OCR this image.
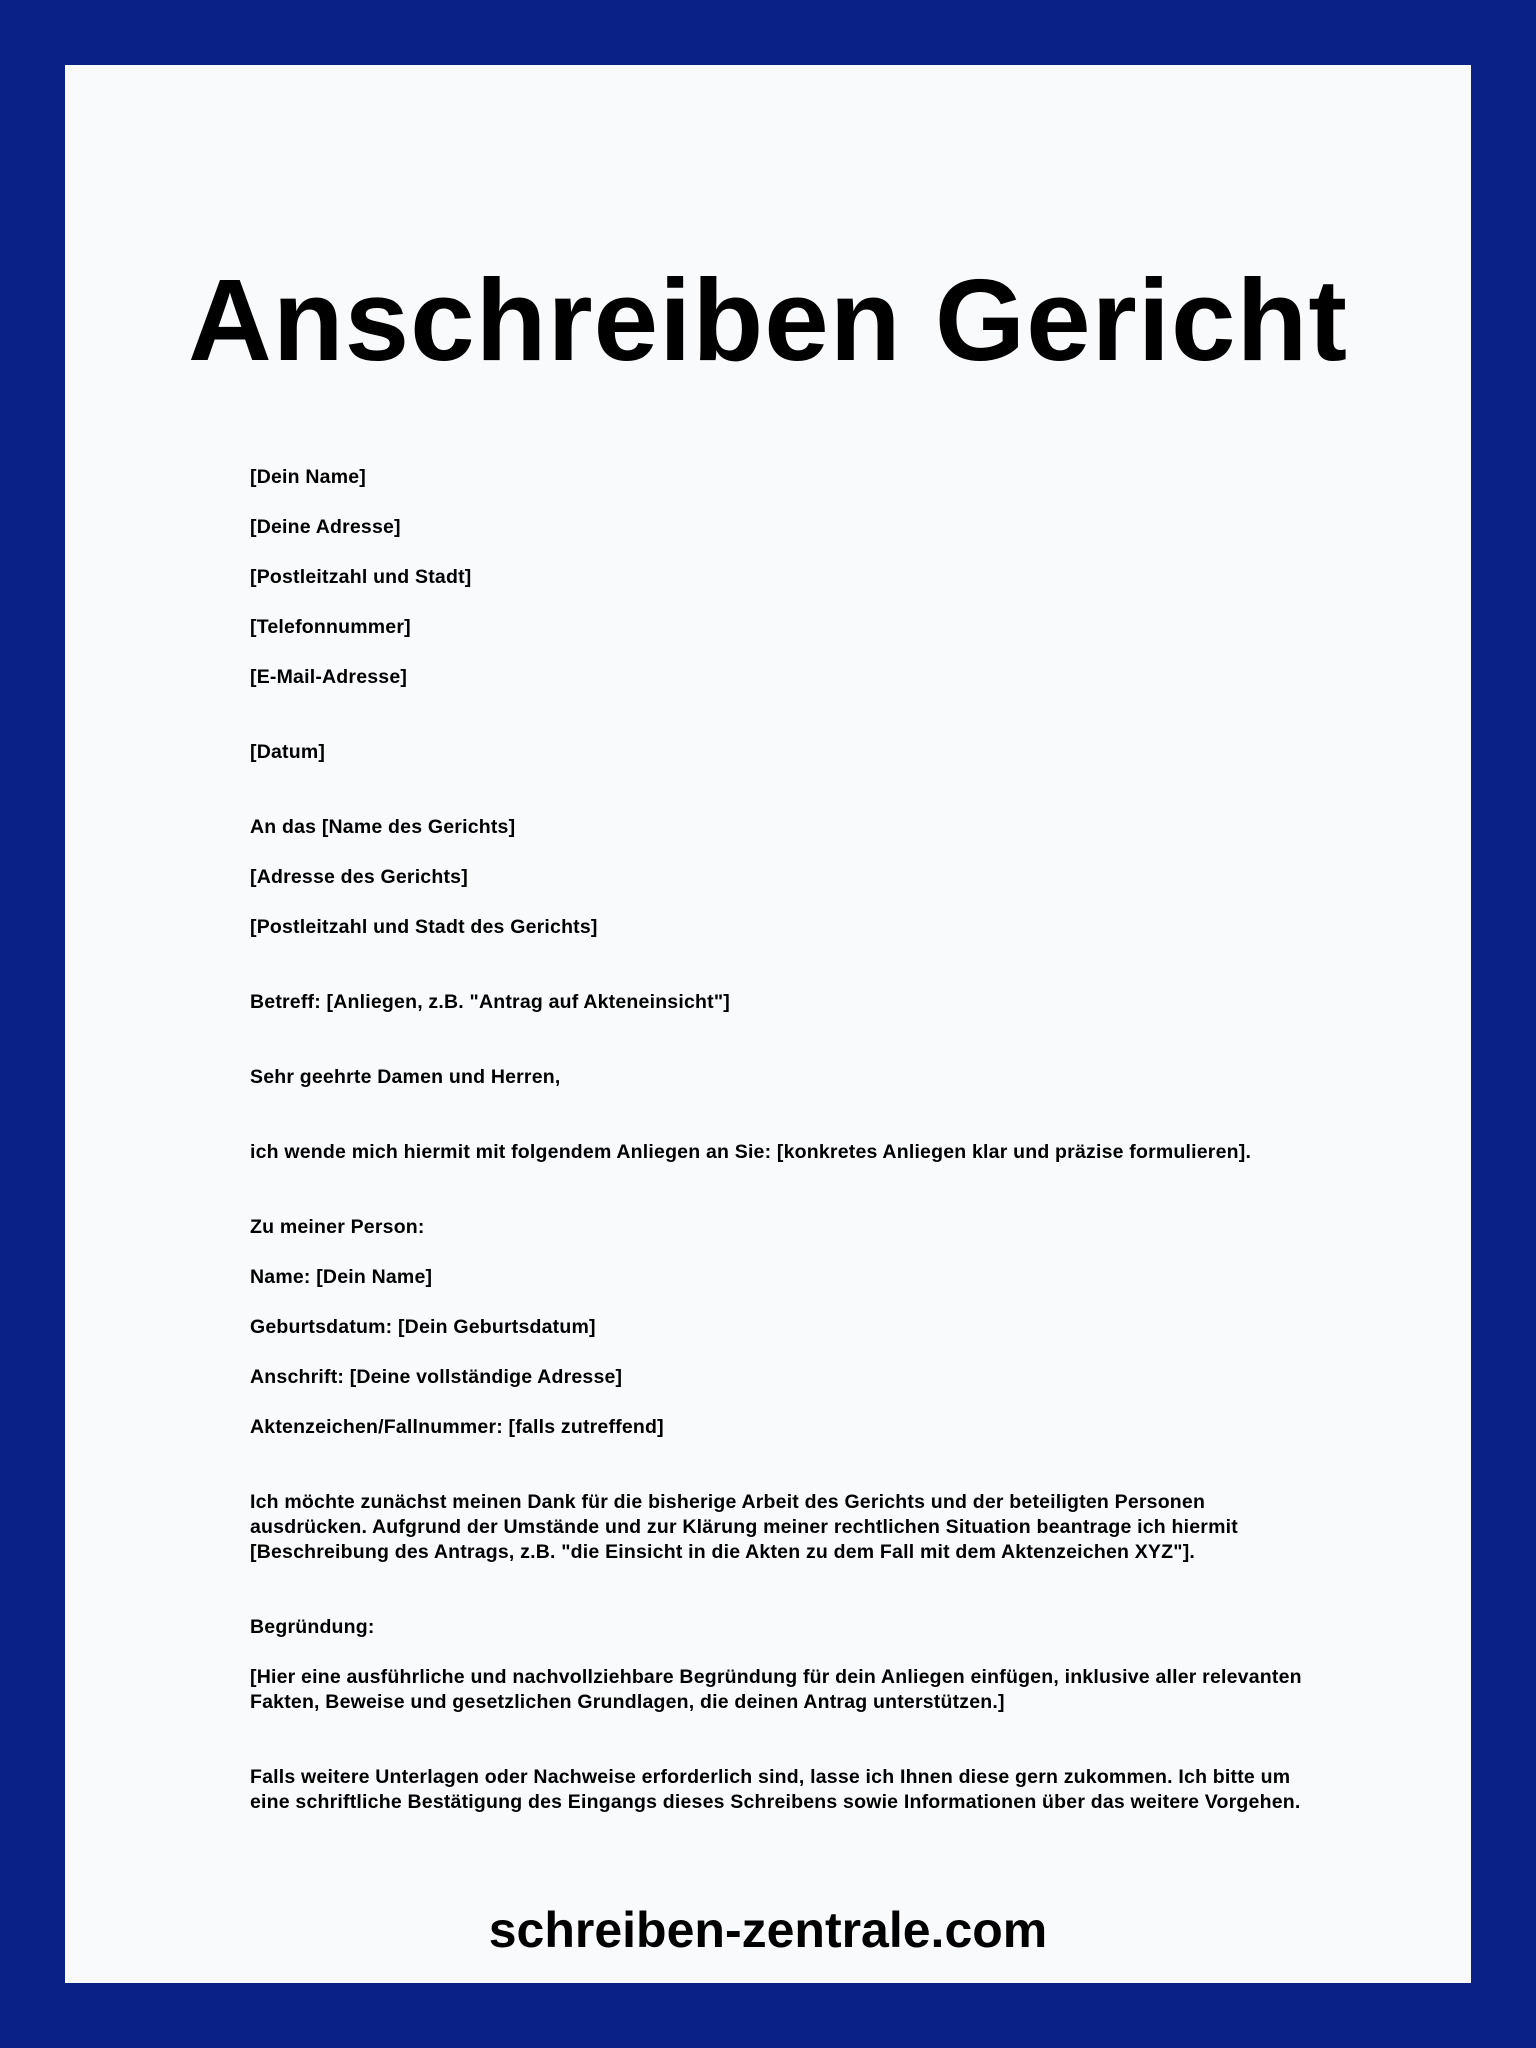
Anschreiben Gericht
[Dein Name]
[Deine Adresse]
[Postleitzahl und Stadt]
[Telefonnummer]
[E-Mail-Adresse]
[Datum]
An das [Name des Gerichts]
[Adresse des Gerichts]
[Postleitzahl und Stadt des Gerichts]
Betreff: [Anliegen, z.B. "Antrag auf Akteneinsicht"]
Sehr geehrte Damen und Herren,
ich wende mich hiermit mit folgendem Anliegen an Sie: [konkretes Anliegen klar und präzise formulieren].
Zu meiner Person:
Name: [Dein Name]
Geburtsdatum: [Dein Geburtsdatum]
Anschrift: [Deine vollständige Adresse]
Aktenzeichen/Fallnummer: [falls zutreffend]
Ich möchte zunächst meinen Dank für die bisherige Arbeit des Gerichts und der beteiligten Personen ausdrücken. Aufgrund der Umstände und zur Klärung meiner rechtlichen Situation beantrage ich hiermit [Beschreibung des Antrags, z.B. "die Einsicht in die Akten zu dem Fall mit dem Aktenzeichen XYZ"].
Begründung:
[Hier eine ausführliche und nachvollziehbare Begründung für dein Anliegen einfügen, inklusive aller relevanten Fakten, Beweise und gesetzlichen Grundlagen, die deinen Antrag unterstützen.]
Falls weitere Unterlagen oder Nachweise erforderlich sind, lasse ich Ihnen diese gern zukommen. Ich bitte um eine schriftliche Bestätigung des Eingangs dieses Schreibens sowie Informationen über das weitere Vorgehen.
schreiben-zentrale.com
